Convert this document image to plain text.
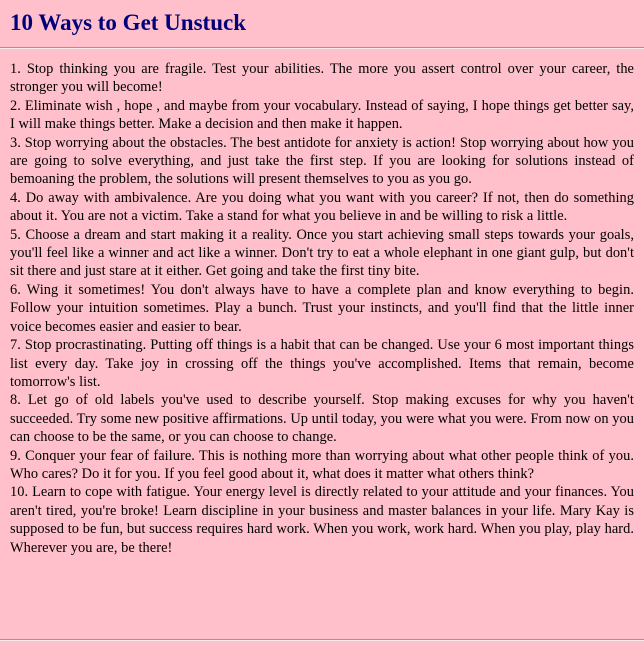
10 Ways to Get Unstuck
1. Stop thinking you are fragile. Test your abilities. The more you assert control over your career, the stronger you will become!
2. Eliminate wish , hope , and maybe from your vocabulary. Instead of saying, I hope things get better say, I will make things better. Make a decision and then make it happen.
3. Stop worrying about the obstacles. The best antidote for anxiety is action! Stop worrying about how you are going to solve everything, and just take the first step. If you are looking for solutions instead of bemoaning the problem, the solutions will present themselves to you as you go.
4. Do away with ambivalence. Are you doing what you want with you career? If not, then do something about it. You are not a victim. Take a stand for what you believe in and be willing to risk a little.
5. Choose a dream and start making it a reality. Once you start achieving small steps towards your goals, you'll feel like a winner and act like a winner. Don't try to eat a whole elephant in one giant gulp, but don't sit there and just stare at it either. Get going and take the first tiny bite.
6. Wing it sometimes! You don't always have to have a complete plan and know everything to begin. Follow your intuition sometimes. Play a bunch. Trust your instincts, and you'll find that the little inner voice becomes easier and easier to bear.
7. Stop procrastinating. Putting off things is a habit that can be changed. Use your 6 most important things list every day. Take joy in crossing off the things you've accomplished. Items that remain, become tomorrow's list.
8. Let go of old labels you've used to describe yourself. Stop making excuses for why you haven't succeeded. Try some new positive affirmations. Up until today, you were what you were. From now on you can choose to be the same, or you can choose to change.
9. Conquer your fear of failure. This is nothing more than worrying about what other people think of you. Who cares? Do it for you. If you feel good about it, what does it matter what others think?
10. Learn to cope with fatigue. Your energy level is directly related to your attitude and your finances. You aren't tired, you're broke! Learn discipline in your business and master balances in your life. Mary Kay is supposed to be fun, but success requires hard work. When you work, work hard. When you play, play hard. Wherever you are, be there!
